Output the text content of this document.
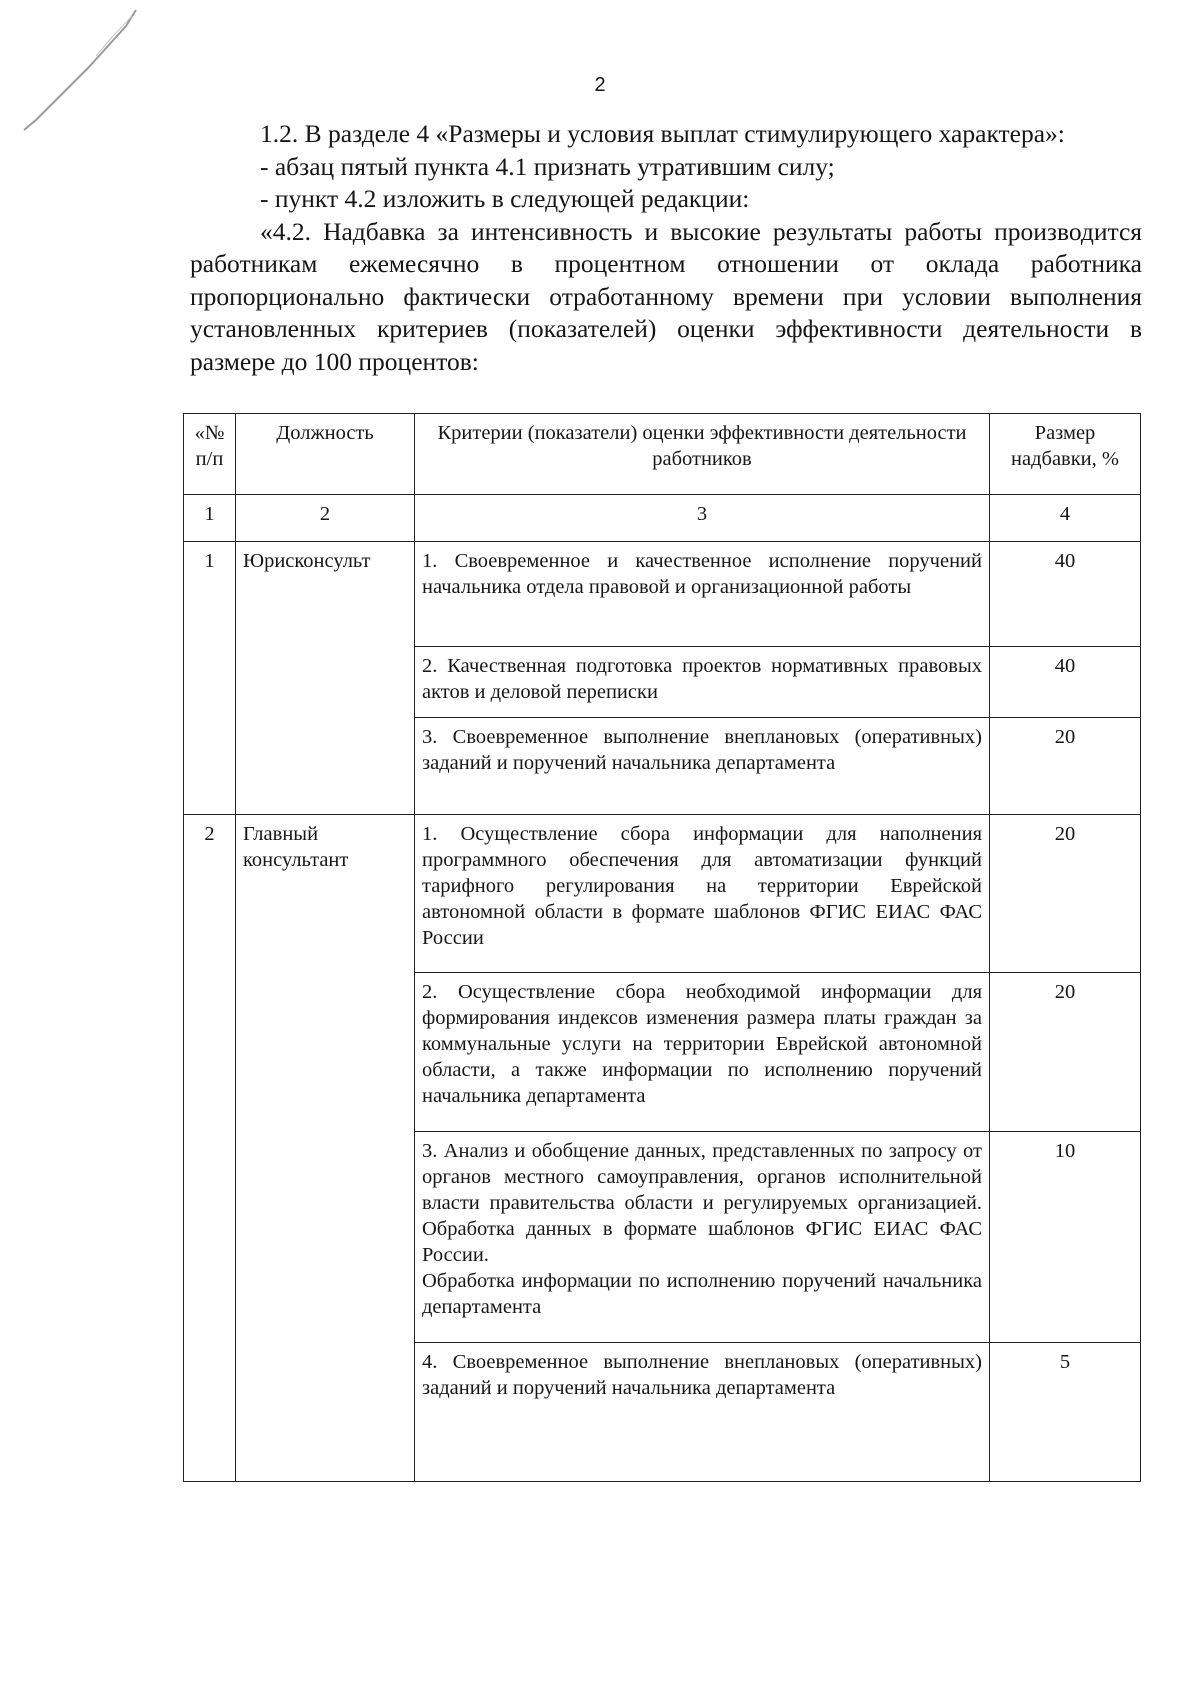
2

1.2. В разделе 4 «Размеры и условия выплат стимулирующего характера»:

- абзац пятый пункта 4.1 признать утратившим силу;

- пункт 4.2 изложить в следующей редакции:

«4.2. Надбавка за интенсивность и высокие результаты работы производится работникам ежемесячно в процентном отношении от оклада работника пропорционально фактически отработанному времени при условии выполнения установленных критериев (показателей) оценки эффективности деятельности в размере до 100 процентов:

«№ п/п	Должность	Критерии (показатели) оценки эффективности деятельности работников	Размер надбавки, %
1	2	3	4
1	Юрисконсульт	1. Своевременное и качественное исполнение поручений начальника отдела правовой и организационной работы	40
		2. Качественная подготовка проектов нормативных правовых актов и деловой переписки	40
		3. Своевременное выполнение внеплановых (оперативных) заданий и поручений начальника департамента	20
2	Главный консультант	1. Осуществление сбора информации для наполнения программного обеспечения для автоматизации функций тарифного регулирования на территории Еврейской автономной области в формате шаблонов ФГИС ЕИАС ФАС России	20
		2. Осуществление сбора необходимой информации для формирования индексов изменения размера платы граждан за коммунальные услуги на территории Еврейской автономной области, а также информации по исполнению поручений начальника департамента	20

		3. Анализ и обобщение данных, представленных по запросу от органов местного самоуправления, органов исполнительной власти правительства области и регулируемых организацией. Обработка данных в формате шаблонов ФГИС ЕИАС ФАС России.
Обработка информации по исполнению поручений начальника департамента	10
		4. Своевременное выполнение внеплановых (оперативных) заданий и поручений начальника департамента	5
